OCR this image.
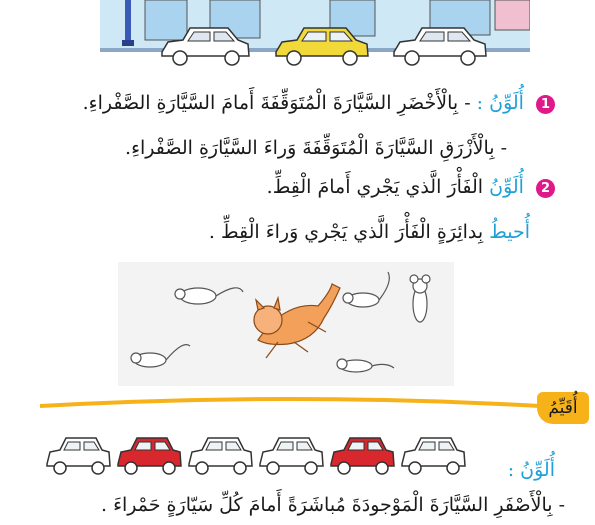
1 أُلَوِّنُ : - بِالْأَخْضَرِ السَّيَّارَةَ الْمُتَوَقِّفَةَ أَمامَ السَّيَّارَةِ الصَّفْراءِ.
- بِالْأَزْرَقِ السَّيَّارَةَ الْمُتَوَقِّفَةَ وَراءَ السَّيَّارَةِ الصَّفْراءِ.
2 أُلَوِّنُ الْفَأْرَ الَّذي يَجْري أَمامَ الْقِطِّ.
أُحيطُ بِدائِرَةٍ الْفَأْرَ الَّذي يَجْري وَراءَ الْقِطِّ .
أُقَيِّمُ
أُلَوِّنُ :
- بِالْأَصْفَرِ السَّيَّارَةَ الْمَوْجودَةَ مُباشَرَةً أَمامَ كُلِّ سَيّارَةٍ حَمْراءَ .
